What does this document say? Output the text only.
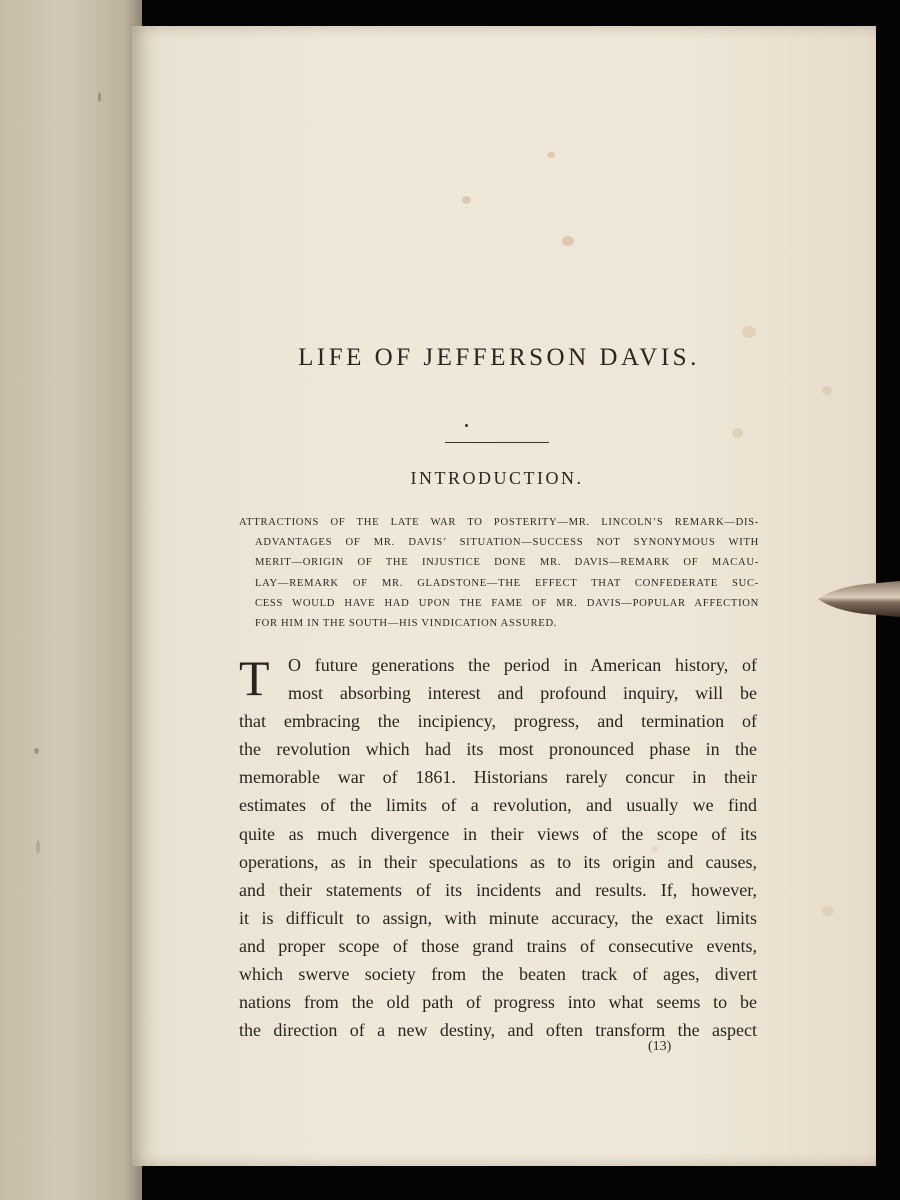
LIFE OF JEFFERSON DAVIS.
INTRODUCTION.
ATTRACTIONS OF THE LATE WAR TO POSTERITY—MR. LINCOLN’S REMARK—DIS-
ADVANTAGES OF MR. DAVIS’ SITUATION—SUCCESS NOT SYNONYMOUS WITH
MERIT—ORIGIN OF THE INJUSTICE DONE MR. DAVIS—REMARK OF MACAU-
LAY—REMARK OF MR. GLADSTONE—THE EFFECT THAT CONFEDERATE SUC-
CESS WOULD HAVE HAD UPON THE FAME OF MR. DAVIS—POPULAR AFFECTION
FOR HIM IN THE SOUTH—HIS VINDICATION ASSURED.
T	O future generations the period in American history, of
most absorbing interest and profound inquiry, will be
that embracing the incipiency, progress, and termination of
the revolution which had its most pronounced phase in the
memorable war of 1861. Historians rarely concur in their
estimates of the limits of a revolution, and usually we find
quite as much divergence in their views of the scope of its
operations, as in their speculations as to its origin and causes,
and their statements of its incidents and results. If, however,
it is difficult to assign, with minute accuracy, the exact limits
and proper scope of those grand trains of consecutive events,
which swerve society from the beaten track of ages, divert
nations from the old path of progress into what seems to be
the direction of a new destiny, and often transform the aspect
(13)
